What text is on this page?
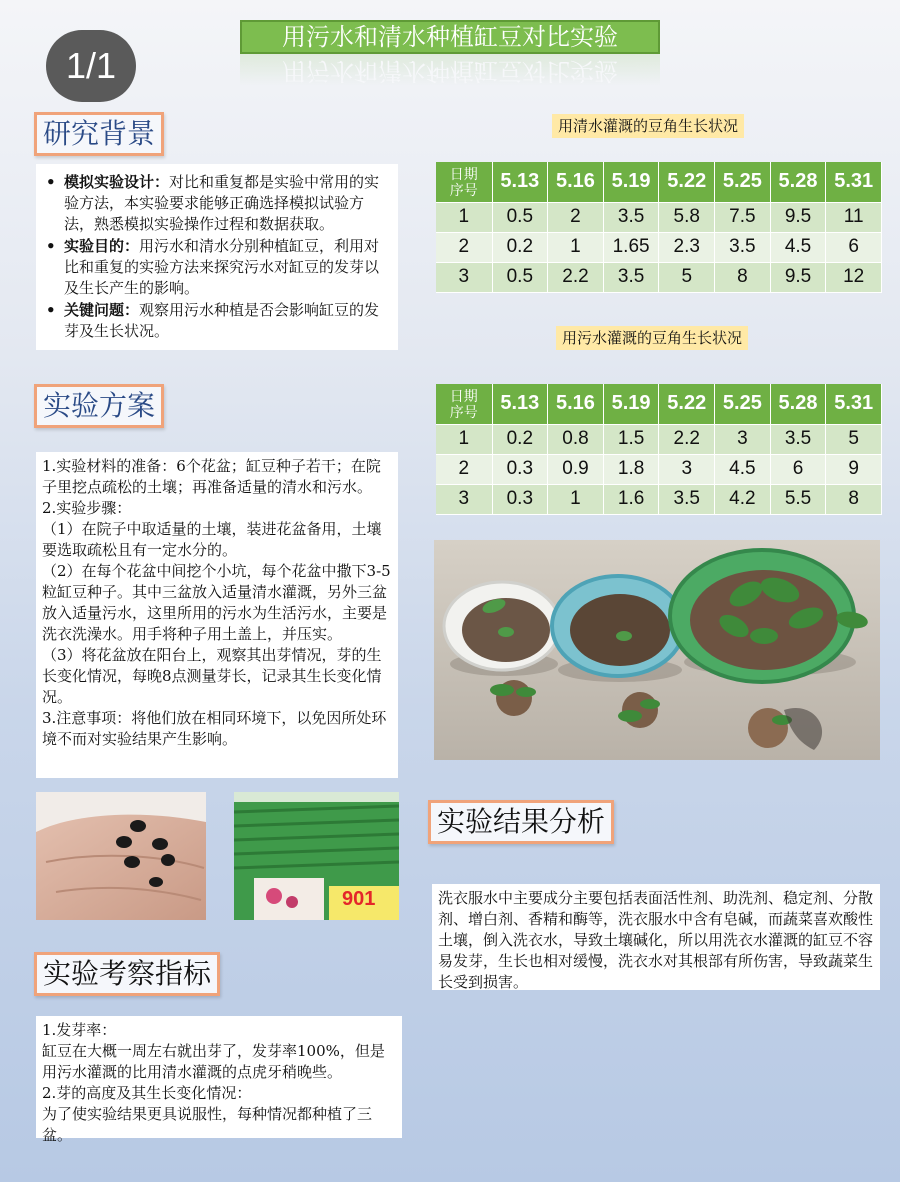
1/1
用污水和清水种植缸豆对比实验
用污水和清水种植缸豆对比实验
研究背景
• 模拟实验设计：对比和重复都是实验中常用的实验方法，本实验要求能够正确选择模拟试验方法，熟悉模拟实验操作过程和数据获取。
• 实验目的：用污水和清水分别种植缸豆，利用对比和重复的实验方法来探究污水对缸豆的发芽以及生长产生的影响。
• 关键问题：观察用污水种植是否会影响缸豆的发芽及生长状况。
实验方案

1.实验材料的准备：6个花盆；缸豆种子若干；在院子里挖点疏松的土壤；再准备适量的清水和污水。

2.实验步骤：

（1）在院子中取适量的土壤，装进花盆备用，土壤要选取疏松且有一定水分的。

（2）在每个花盆中间挖个小坑，每个花盆中撒下3-5粒缸豆种子。其中三盆放入适量清水灌溉，另外三盆放入适量污水，这里所用的污水为生活污水，主要是洗衣洗澡水。用手将种子用土盖上，并压实。

（3）将花盆放在阳台上，观察其出芽情况，芽的生长变化情况，每晚8点测量芽长，记录其生长变化情况。

3.注意事项：将他们放在相同环境下，以免因所处环境不而对实验结果产生影响。

901
实验考察指标

1.发芽率：

缸豆在大概一周左右就出芽了，发芽率100%，但是用污水灌溉的比用清水灌溉的点虎牙稍晚些。

2.芽的高度及其生长变化情况：

为了使实验结果更具说服性，每种情况都种植了三盆。

用清水灌溉的豆角生长状况
日期
序号	5.13	5.16	5.19	5.22	5.25	5.28	5.31
1	0.5	2	3.5	5.8	7.5	9.5	11
2	0.2	1	1.65	2.3	3.5	4.5	6
3	0.5	2.2	3.5	5	8	9.5	12
用污水灌溉的豆角生长状况
日期
序号	5.13	5.16	5.19	5.22	5.25	5.28	5.31
1	0.2	0.8	1.5	2.2	3	3.5	5
2	0.3	0.9	1.8	3	4.5	6	9
3	0.3	1	1.6	3.5	4.2	5.5	8
实验结果分析

洗衣服水中主要成分主要包括表面活性剂、助洗剂、稳定剂、分散剂、增白剂、香精和酶等，洗衣服水中含有皂碱，而蔬菜喜欢酸性土壤，倒入洗衣水，导致土壤碱化，所以用洗衣水灌溉的缸豆不容易发芽，生长也相对缓慢，洗衣水对其根部有所伤害，导致蔬菜生长受到损害。
